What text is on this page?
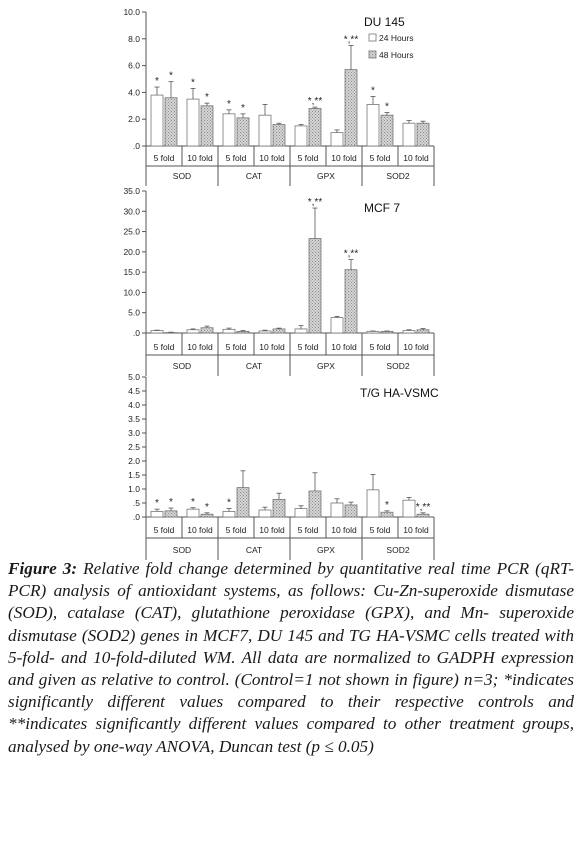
10.0
8.0
6.0
4.0
2.0
.0
5 fold 10 fold 5 fold 10 fold 5 fold 10 fold 5 fold 10 fold
SOD	CAT	GPX	SOD2
*	*
*
*
*
*
*
*,**
*,**
*
DU 145
24 Hours
48 Hours
35.0
30.0
25.0
20.0
15.0
10.0
5.0
.0
5 fold 10 fold 5 fold 10 fold 5 fold 10 fold 5 fold 10 fold
SOD	CAT	GPX	SOD2
*,**
*,**
MCF 7
5.0
4.5
4.0
3.5
3.0
2.5
2.0
1.5
1.0
.5
.0
5 fold 10 fold 5 fold 10 fold 5 fold 10 fold 5 fold 10 fold
SOD	CAT	GPX	SOD2
*	*	*
*	*	*	*,**
T/G HA-VSMC
Figure 3: Relative fold change determined by quantitative real time PCR (qRT-PCR) analysis of antioxidant systems, as follows: Cu-Zn-superoxide dismutase (SOD), catalase (CAT), glutathione peroxidase (GPX), and Mn- superoxide dismutase (SOD2) genes in MCF7, DU 145 and TG HA-VSMC cells treated with 5-fold- and 10-fold-diluted WM. All data are normalized to GADPH expression and given as relative to control. (Control=1 not shown in figure) n=3; *indicates significantly different values compared to their respective controls and **indicates significantly different values compared to other treatment groups, analysed by one-way ANOVA, Duncan test (p ≤ 0.05)
